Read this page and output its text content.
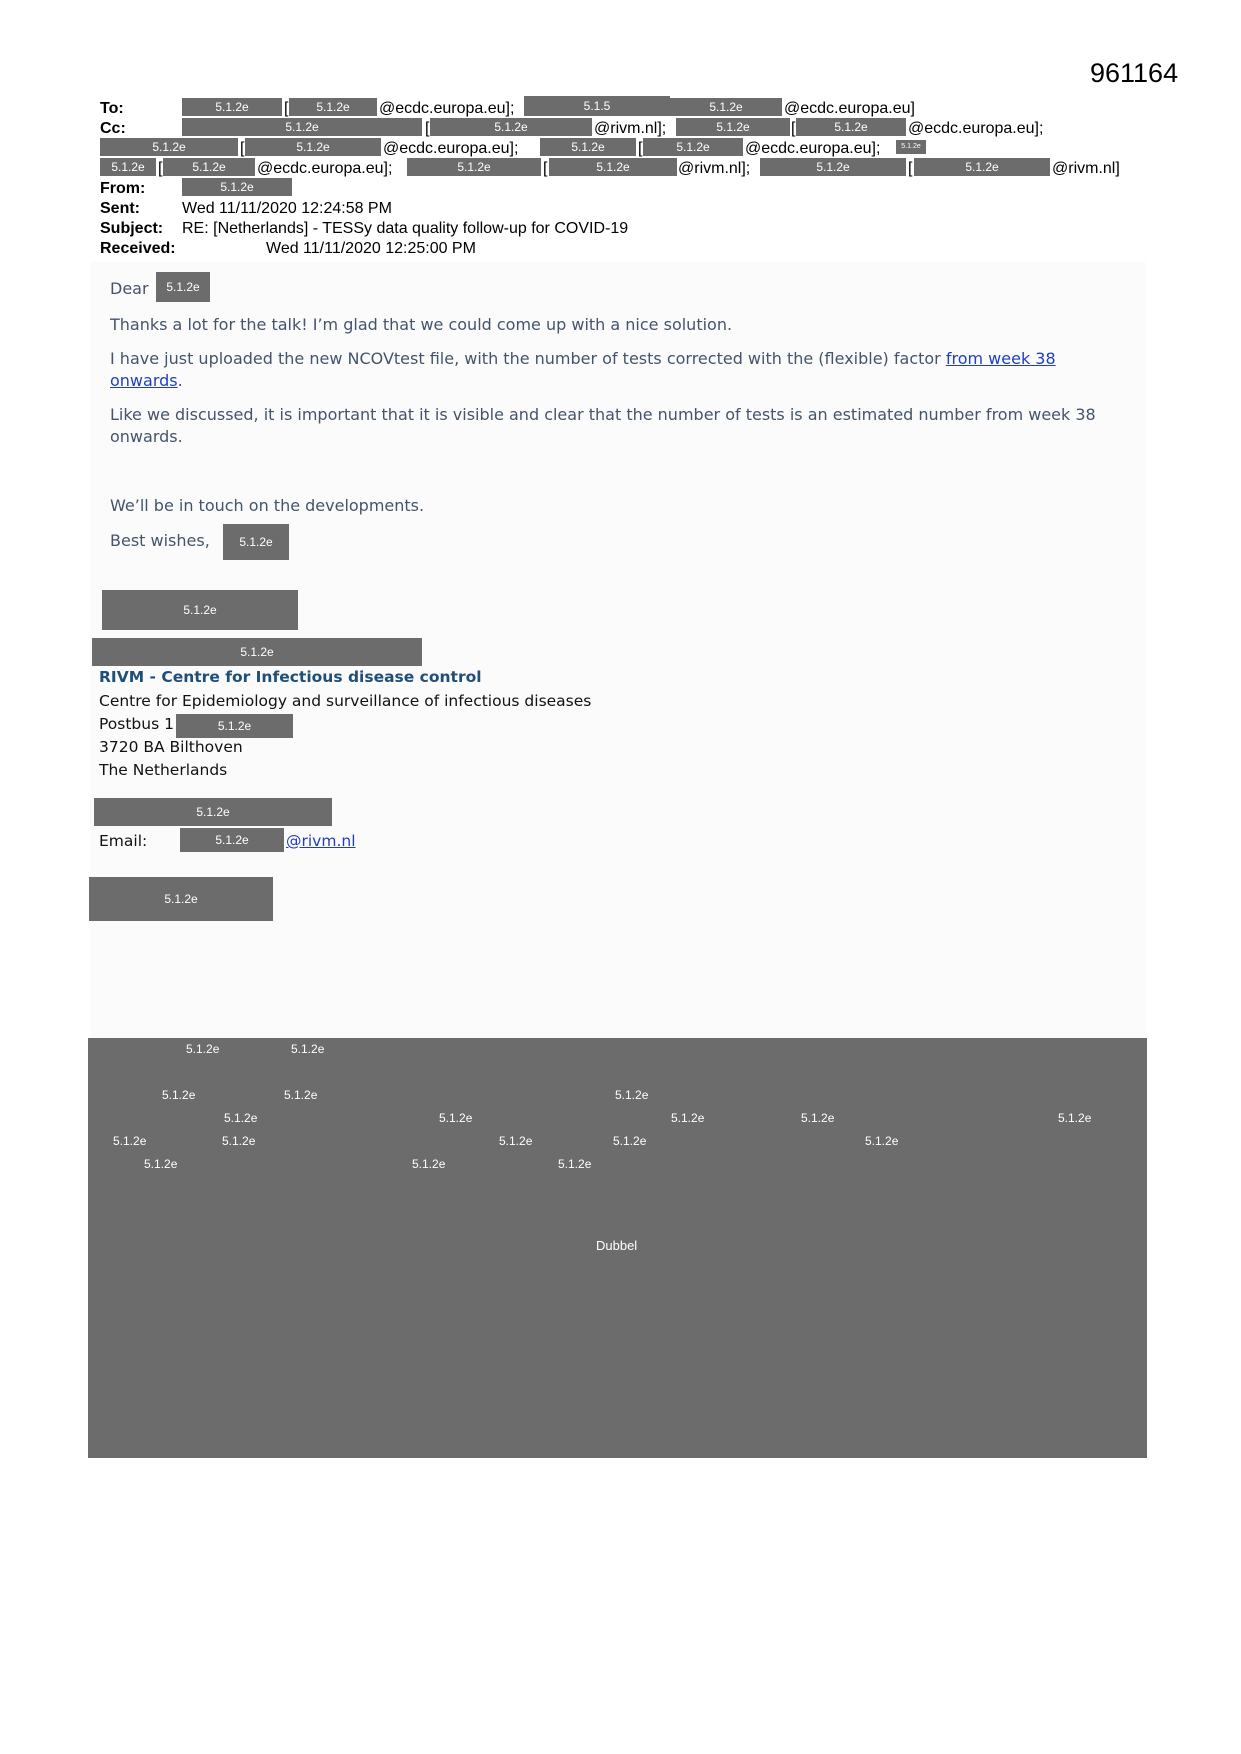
961164
To:	5.1.2e	[	5.1.2e	@ecdc.europa.eu];	5.1.5	5.1.2e	@ecdc.europa.eu]
Cc:	5.1.2e	[	5.1.2e	@rivm.nl];	5.1.2e	[	5.1.2e	@ecdc.europa.eu];
5.1.2e	[	5.1.2e	@ecdc.europa.eu];	5.1.2e	[	5.1.2e	@ecdc.europa.eu];	5.1.2e
5.1.2e [	5.1.2e	@ecdc.europa.eu];	5.1.2e	[	5.1.2e	@rivm.nl];	5.1.2e	[	5.1.2e	@rivm.nl]
From:	5.1.2e
Sent:	Wed 11/11/2020 12:24:58 PM
Subject: RE: [Netherlands] - TESSy data quality follow-up for COVID-19
Received:	Wed 11/11/2020 12:25:00 PM
Dear	5.1.2e
Thanks a lot for the talk! I’m glad that we could come up with a nice solution.
I have just uploaded the new NCOVtest file, with the number of tests corrected with the (flexible) factor from week 38 onwards.
Like we discussed, it is important that it is visible and clear that the number of tests is an estimated number from week 38 onwards.
We’ll be in touch on the developments.
Best wishes,	5.1.2e
5.1.2e
5.1.2e
RIVM - Centre for Infectious disease control
Centre for Epidemiology and surveillance of infectious diseases
Postbus 1	5.1.2e
3720 BA Bilthoven
The Netherlands
5.1.2e
Email:	5.1.2e	@rivm.nl
5.1.2e
5.1.2e	5.1.2e
5.1.2e	5.1.2e	5.1.2e
5.1.2e	5.1.2e	5.1.2e	5.1.2e	5.1.2e
5.1.2e	5.1.2e	5.1.2e	5.1.2e	5.1.2e
5.1.2e	5.1.2e	5.1.2e
Dubbel
